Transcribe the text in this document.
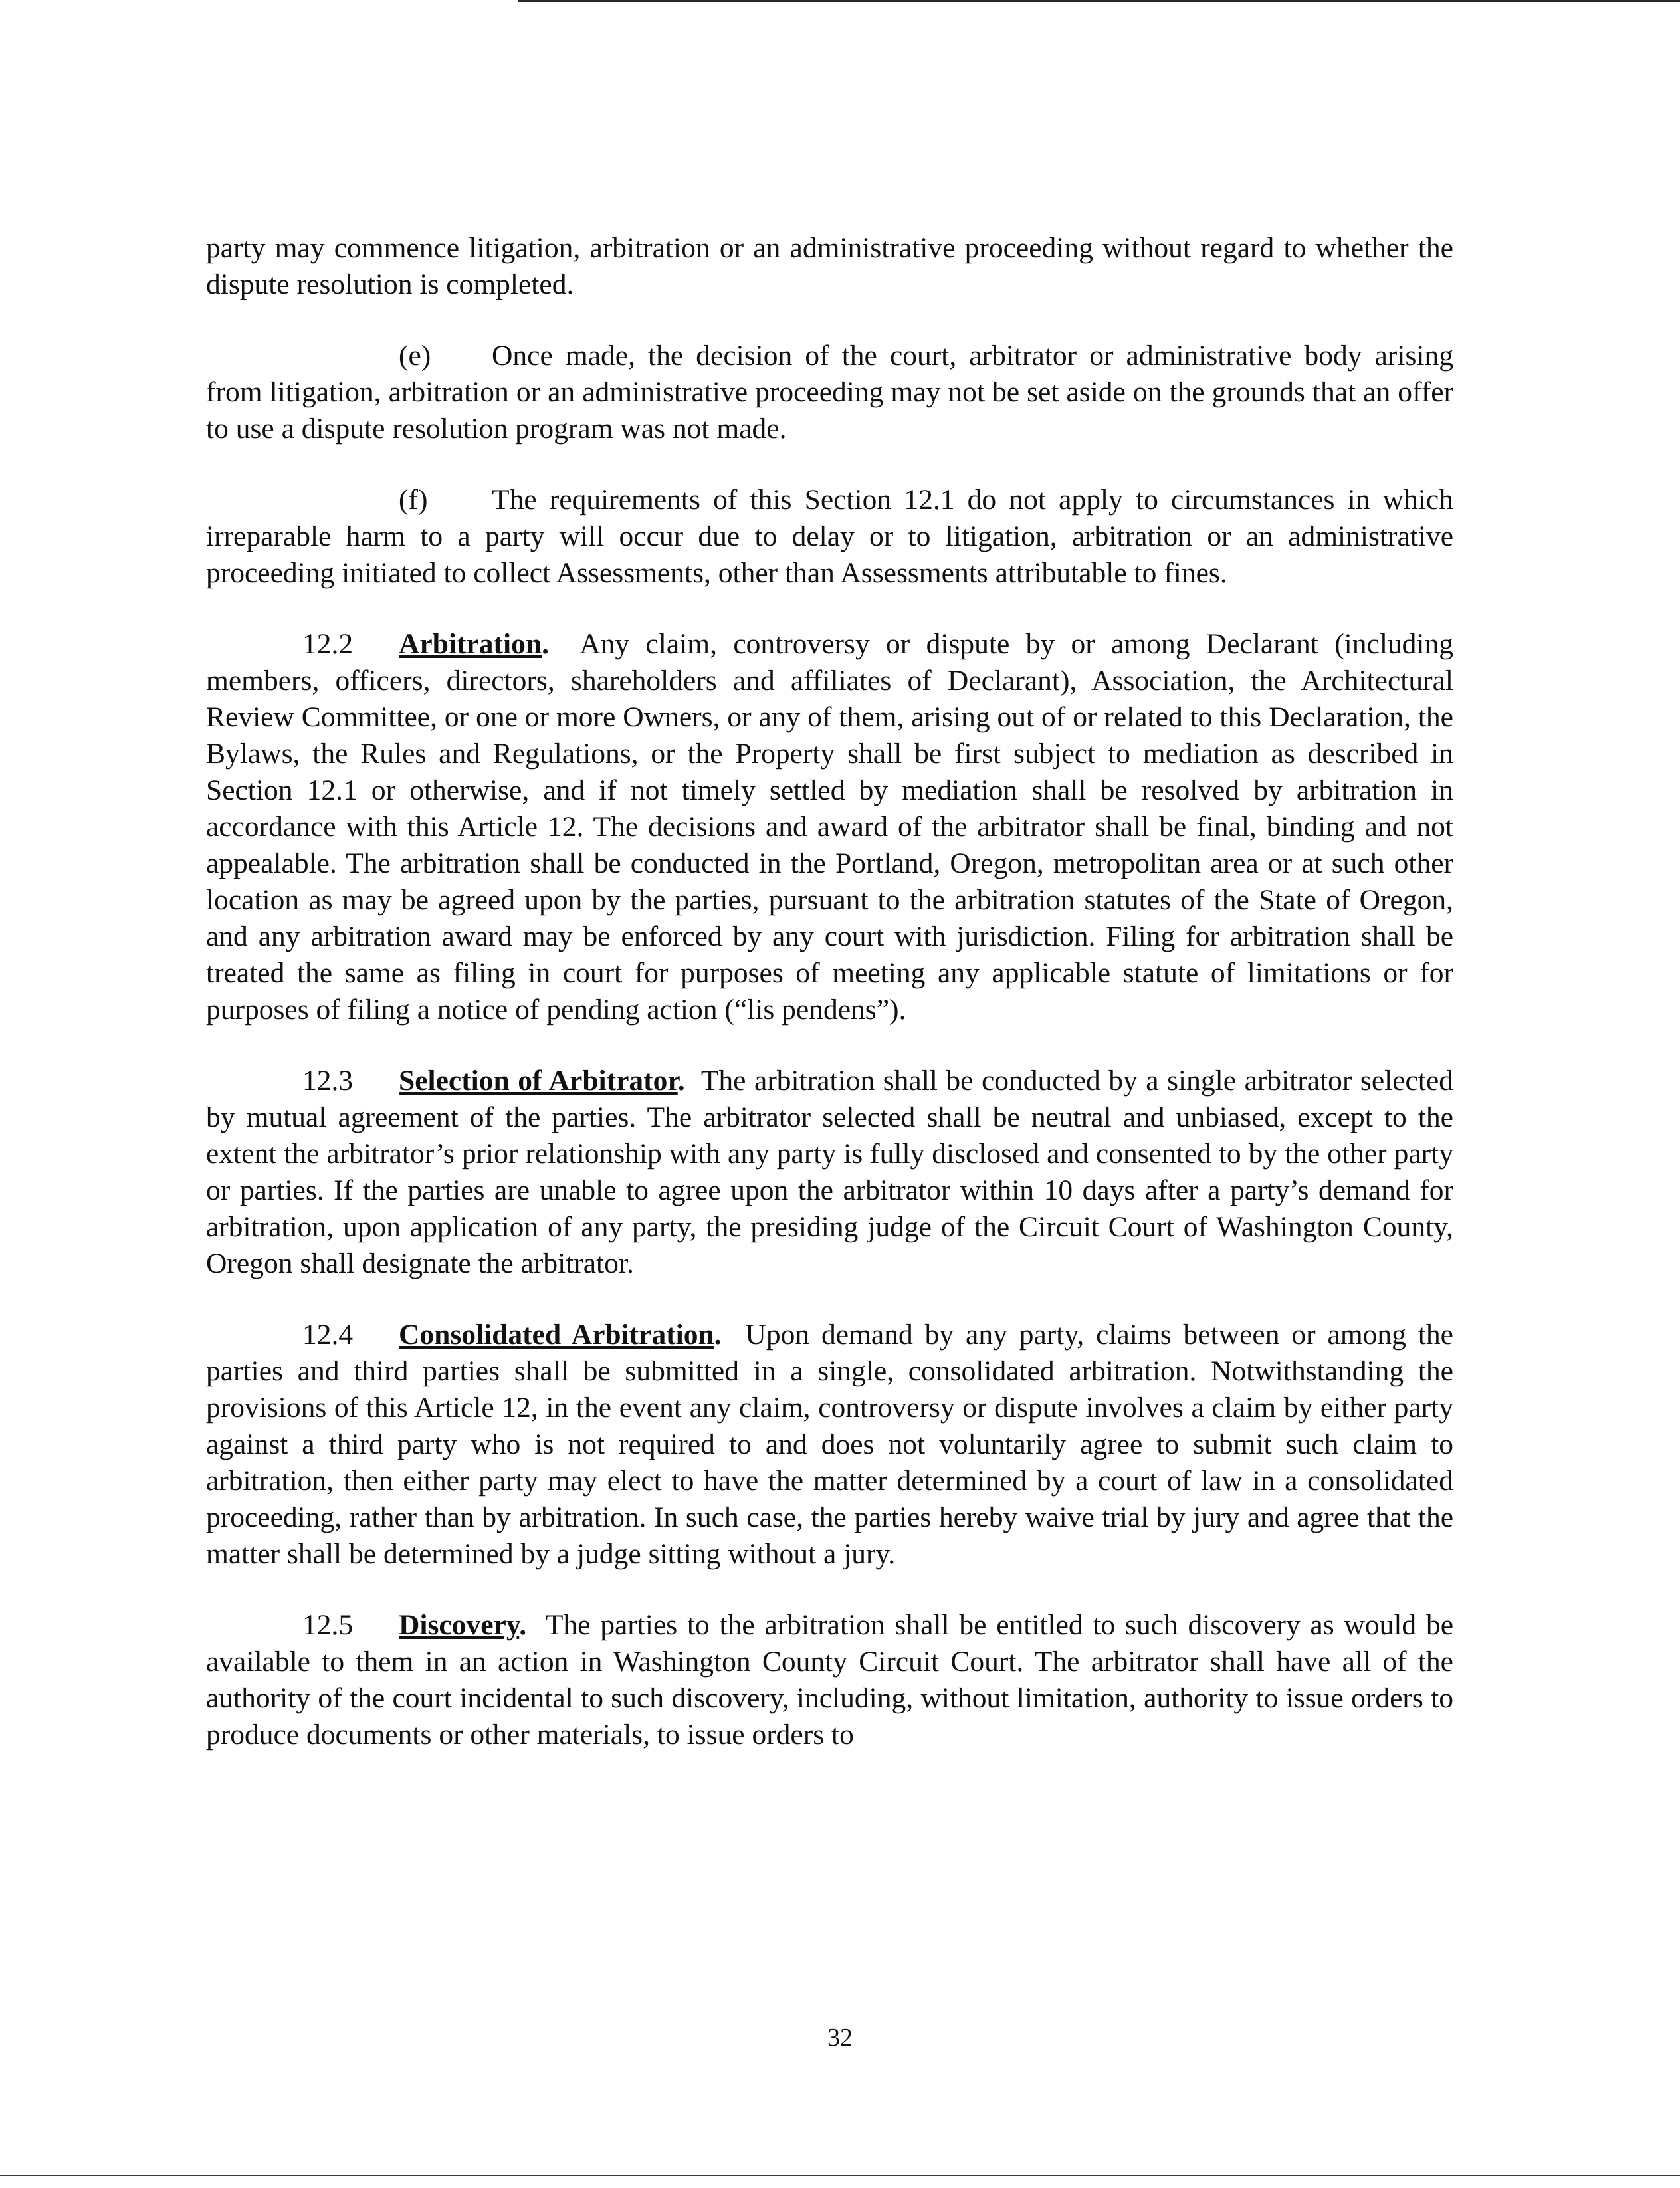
party may commence litigation, arbitration or an administrative proceeding without regard to whether the dispute resolution is completed.

(e) Once made, the decision of the court, arbitrator or administrative body arising from litigation, arbitration or an administrative proceeding may not be set aside on the grounds that an offer to use a dispute resolution program was not made.

(f) The requirements of this Section 12.1 do not apply to circumstances in which irreparable harm to a party will occur due to delay or to litigation, arbitration or an administrative proceeding initiated to collect Assessments, other than Assessments attributable to fines.

12.2 Arbitration. Any claim, controversy or dispute by or among Declarant (including members, officers, directors, shareholders and affiliates of Declarant), Association, the Architectural Review Committee, or one or more Owners, or any of them, arising out of or related to this Declaration, the Bylaws, the Rules and Regulations, or the Property shall be first subject to mediation as described in Section 12.1 or otherwise, and if not timely settled by mediation shall be resolved by arbitration in accordance with this Article 12. The decisions and award of the arbitrator shall be final, binding and not appealable. The arbitration shall be conducted in the Portland, Oregon, metropolitan area or at such other location as may be agreed upon by the parties, pursuant to the arbitration statutes of the State of Oregon, and any arbitration award may be enforced by any court with jurisdiction. Filing for arbitration shall be treated the same as filing in court for purposes of meeting any applicable statute of limitations or for purposes of filing a notice of pending action (“lis pendens”).

12.3 Selection of Arbitrator. The arbitration shall be conducted by a single arbitrator selected by mutual agreement of the parties. The arbitrator selected shall be neutral and unbiased, except to the extent the arbitrator’s prior relationship with any party is fully disclosed and consented to by the other party or parties. If the parties are unable to agree upon the arbitrator within 10 days after a party’s demand for arbitration, upon application of any party, the presiding judge of the Circuit Court of Washington County, Oregon shall designate the arbitrator.

12.4 Consolidated Arbitration. Upon demand by any party, claims between or among the parties and third parties shall be submitted in a single, consolidated arbitration. Notwithstanding the provisions of this Article 12, in the event any claim, controversy or dispute involves a claim by either party against a third party who is not required to and does not voluntarily agree to submit such claim to arbitration, then either party may elect to have the matter determined by a court of law in a consolidated proceeding, rather than by arbitration. In such case, the parties hereby waive trial by jury and agree that the matter shall be determined by a judge sitting without a jury.

12.5 Discovery. The parties to the arbitration shall be entitled to such discovery as would be available to them in an action in Washington County Circuit Court. The arbitrator shall have all of the authority of the court incidental to such discovery, including, without limitation, authority to issue orders to produce documents or other materials, to issue orders to

32
